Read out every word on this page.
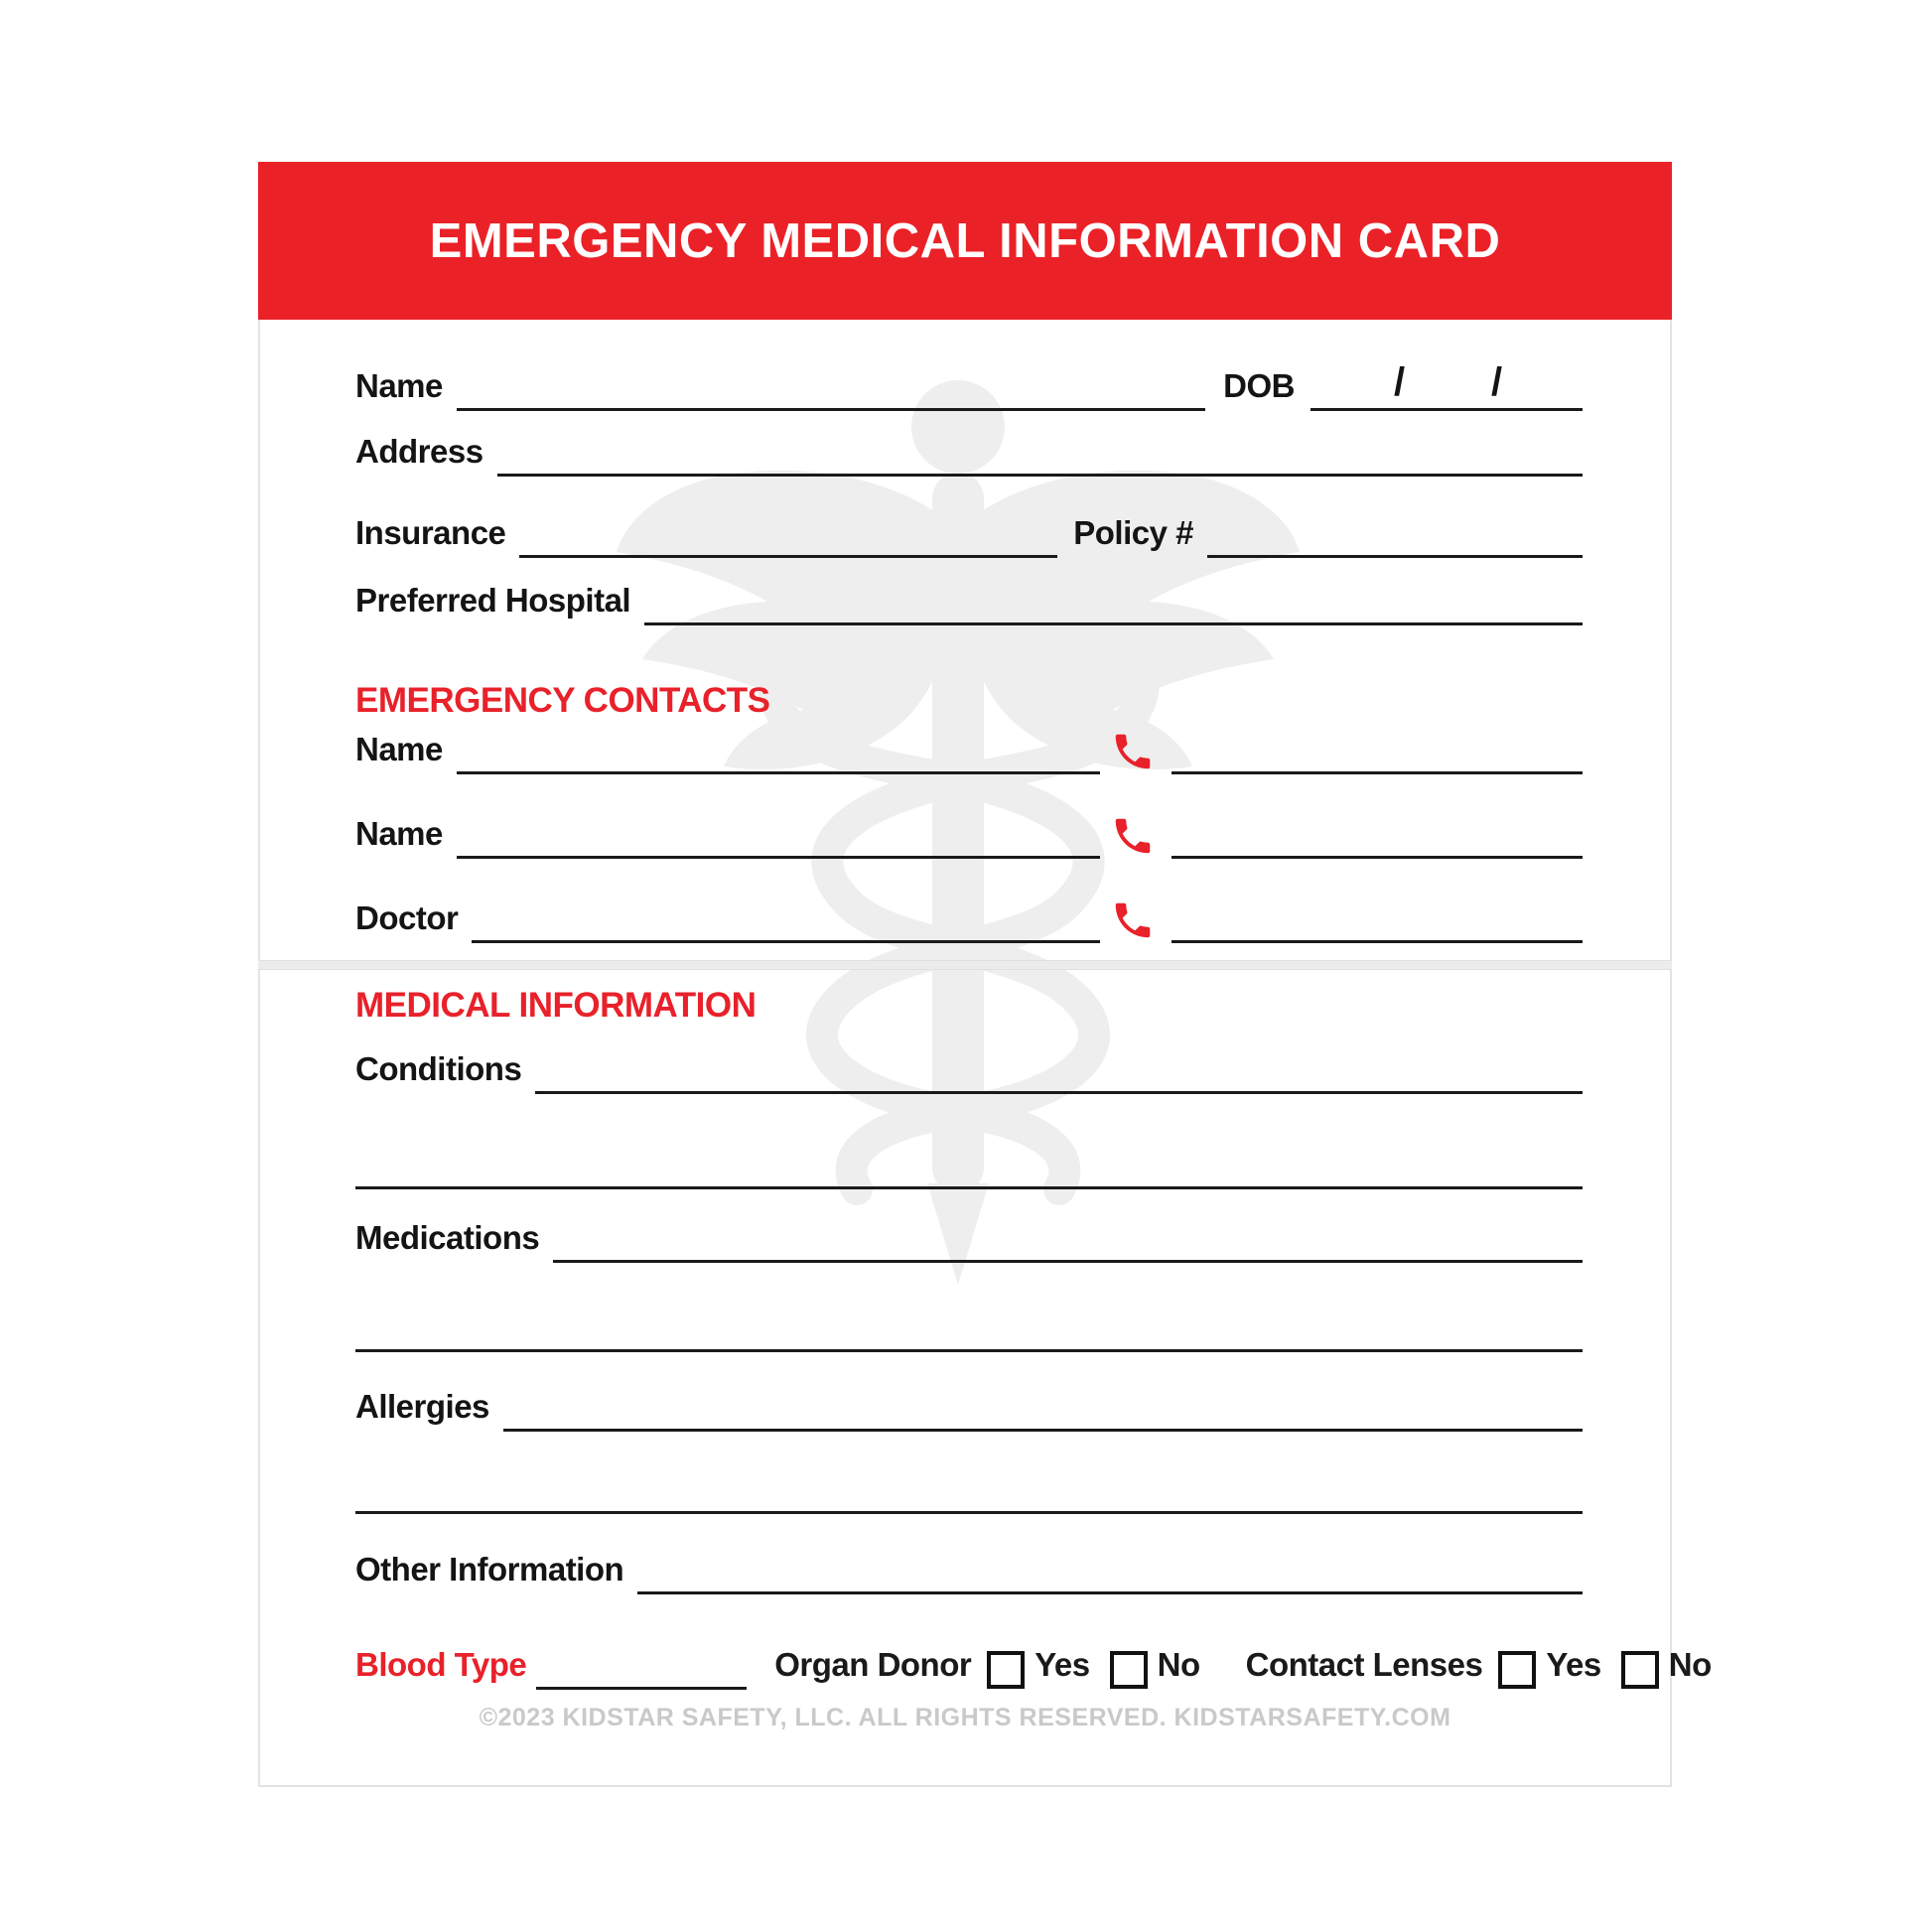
EMERGENCY MEDICAL INFORMATION CARD
Name	DOB	/ /
Address
Insurance	Policy #
Preferred Hospital
EMERGENCY CONTACTS
Name
Name
Doctor
MEDICAL INFORMATION
Conditions
Medications
Allergies
Other Information
Blood Type	Organ Donor Yes No Contact Lenses Yes No
©2023 KIDSTAR SAFETY, LLC. ALL RIGHTS RESERVED. KIDSTARSAFETY.COM
